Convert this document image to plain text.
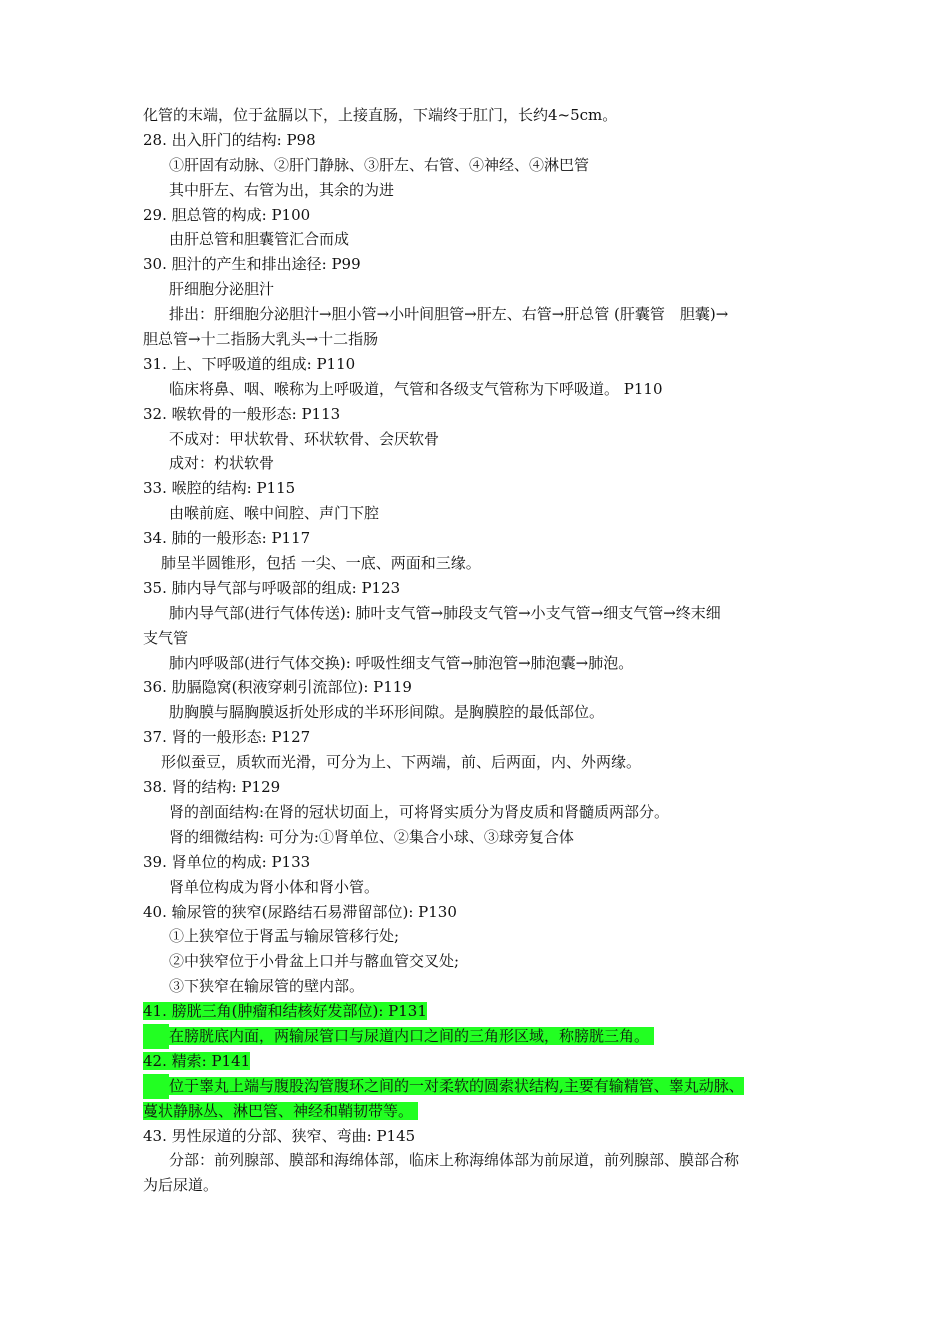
化管的末端，位于盆膈以下，上接直肠，下端终于肛门，长约4~5cm。
28. 出入肝门的结构: P98
①肝固有动脉、②肝门静脉、③肝左、右管、④神经、④淋巴管
其中肝左、右管为出，其余的为进
29. 胆总管的构成: P100
由肝总管和胆囊管汇合而成
30. 胆汁的产生和排出途径: P99
肝细胞分泌胆汁
排出：肝细胞分泌胆汁→胆小管→小叶间胆管→肝左、右管→肝总管 (肝囊管　胆囊)→
胆总管→十二指肠大乳头→十二指肠
31. 上、下呼吸道的组成: P110
临床将鼻、咽、喉称为上呼吸道，气管和各级支气管称为下呼吸道。 P110
32. 喉软骨的一般形态: P113
不成对：甲状软骨、环状软骨、会厌软骨
成对：杓状软骨
33. 喉腔的结构: P115
由喉前庭、喉中间腔、声门下腔
34. 肺的一般形态: P117
肺呈半圆锥形，包括 一尖、一底、两面和三缘。
35. 肺内导气部与呼吸部的组成: P123
肺内导气部(进行气体传送): 肺叶支气管→肺段支气管→小支气管→细支气管→终末细
支气管
肺内呼吸部(进行气体交换): 呼吸性细支气管→肺泡管→肺泡囊→肺泡。
36. 肋膈隐窝(积液穿刺引流部位): P119
肋胸膜与膈胸膜返折处形成的半环形间隙。是胸膜腔的最低部位。
37. 肾的一般形态: P127
形似蚕豆，质软而光滑，可分为上、下两端，前、后两面，内、外两缘。
38. 肾的结构: P129
肾的剖面结构:在肾的冠状切面上，可将肾实质分为肾皮质和肾髓质两部分。
肾的细微结构: 可分为:①肾单位、②集合小球、③球旁复合体
39. 肾单位的构成: P133
肾单位构成为肾小体和肾小管。
40. 输尿管的狭窄(尿路结石易滞留部位): P130
①上狭窄位于肾盂与输尿管移行处;
②中狭窄位于小骨盆上口并与髂血管交叉处;
③下狭窄在输尿管的壁内部。
41. 膀胱三角(肿瘤和结核好发部位): P131
在膀胱底内面，两输尿管口与尿道内口之间的三角形区域，称膀胱三角。
42. 精索: P141
位于睾丸上端与腹股沟管腹环之间的一对柔软的圆索状结构,主要有输精管、睾丸动脉、
蔓状静脉丛、淋巴管、神经和鞘韧带等。
43. 男性尿道的分部、狭窄、弯曲: P145
分部：前列腺部、膜部和海绵体部，临床上称海绵体部为前尿道，前列腺部、膜部合称
为后尿道。
